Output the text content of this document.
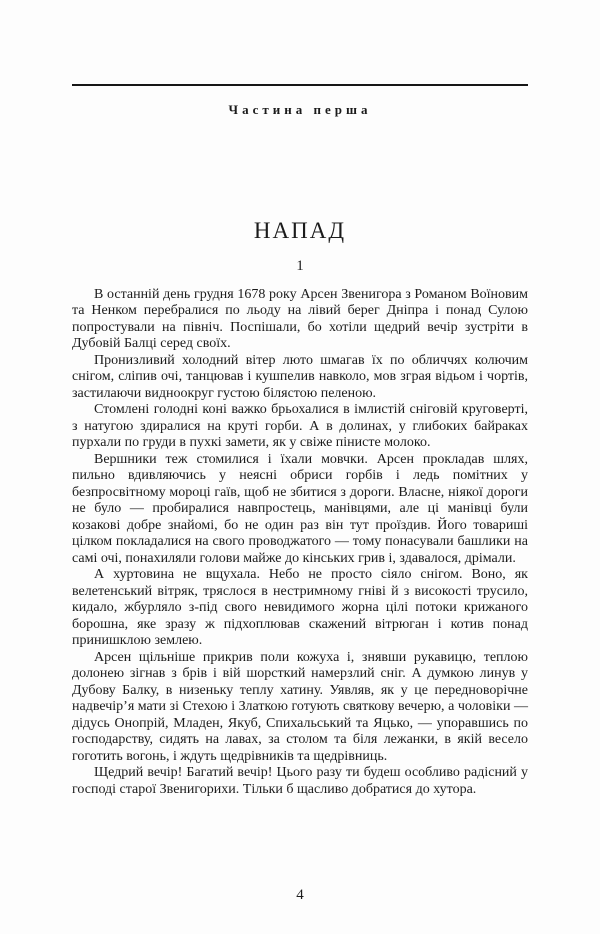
Частина перша
НАПАД
1

В останній день грудня 1678 року Арсен Звенигора з Романом Воїновим та Ненком перебралися по льоду на лівий берег Дніпра і понад Сулою попростували на північ. Поспішали, бо хотіли щедрий вечір зустріти в Дубовій Балці серед своїх.

Пронизливий холодний вітер люто шмагав їх по обличчях колючим снігом, сліпив очі, танцював і кушпелив навколо, мов зграя відьом і чортів, застилаючи видноокруг густою білястою пеленою.

Стомлені голодні коні важко брьохалися в імлистій сніговій круговерті, з натугою здиралися на круті горби. А в долинах, у глибоких байраках пурхали по груди в пухкі замети, як у свіже пінисте молоко.

Вершники теж стомилися і їхали мовчки. Арсен прокладав шлях, пильно вдивляючись у неясні обриси горбів і ледь помітних у безпросвітному мороці гаїв, щоб не збитися з дороги. Власне, ніякої дороги не було — пробиралися навпростець, манівцями, але ці манівці були козакові добре знайомі, бо не один раз він тут проїздив. Його товариші цілком покладалися на свого проводжатого — тому понасували башлики на самі очі, понахиляли голови майже до кінських грив і, здавалося, дрімали.

А хуртовина не вщухала. Небо не просто сіяло снігом. Воно, як велетенський вітряк, тряслося в нестримному гніві й з високості трусило, кидало, жбурляло з-під свого невидимого жорна цілі потоки крижаного борошна, яке зразу ж підхоплював скажений вітрюган і котив понад принишклою землею.

Арсен щільніше прикрив поли кожуха і, знявши рукавицю, теплою долонею зігнав з брів і вій шорсткий намерзлий сніг. А думкою линув у Дубову Балку, в низеньку теплу хатину. Уявляв, як у це передноворічне надвечір’я мати зі Стехою і Златкою готують святкову вечерю, а чоловіки — дідусь Онопрій, Младен, Якуб, Спихальський та Яцько, — упоравшись по господарству, сидять на лавах, за столом та біля лежанки, в якій весело гоготить вогонь, і ждуть щедрівників та щедрівниць.

Щедрий вечір! Багатий вечір! Цього разу ти будеш особливо радісний у господі старої Звенигорихи. Тільки б щасливо добратися до хутора.

4
